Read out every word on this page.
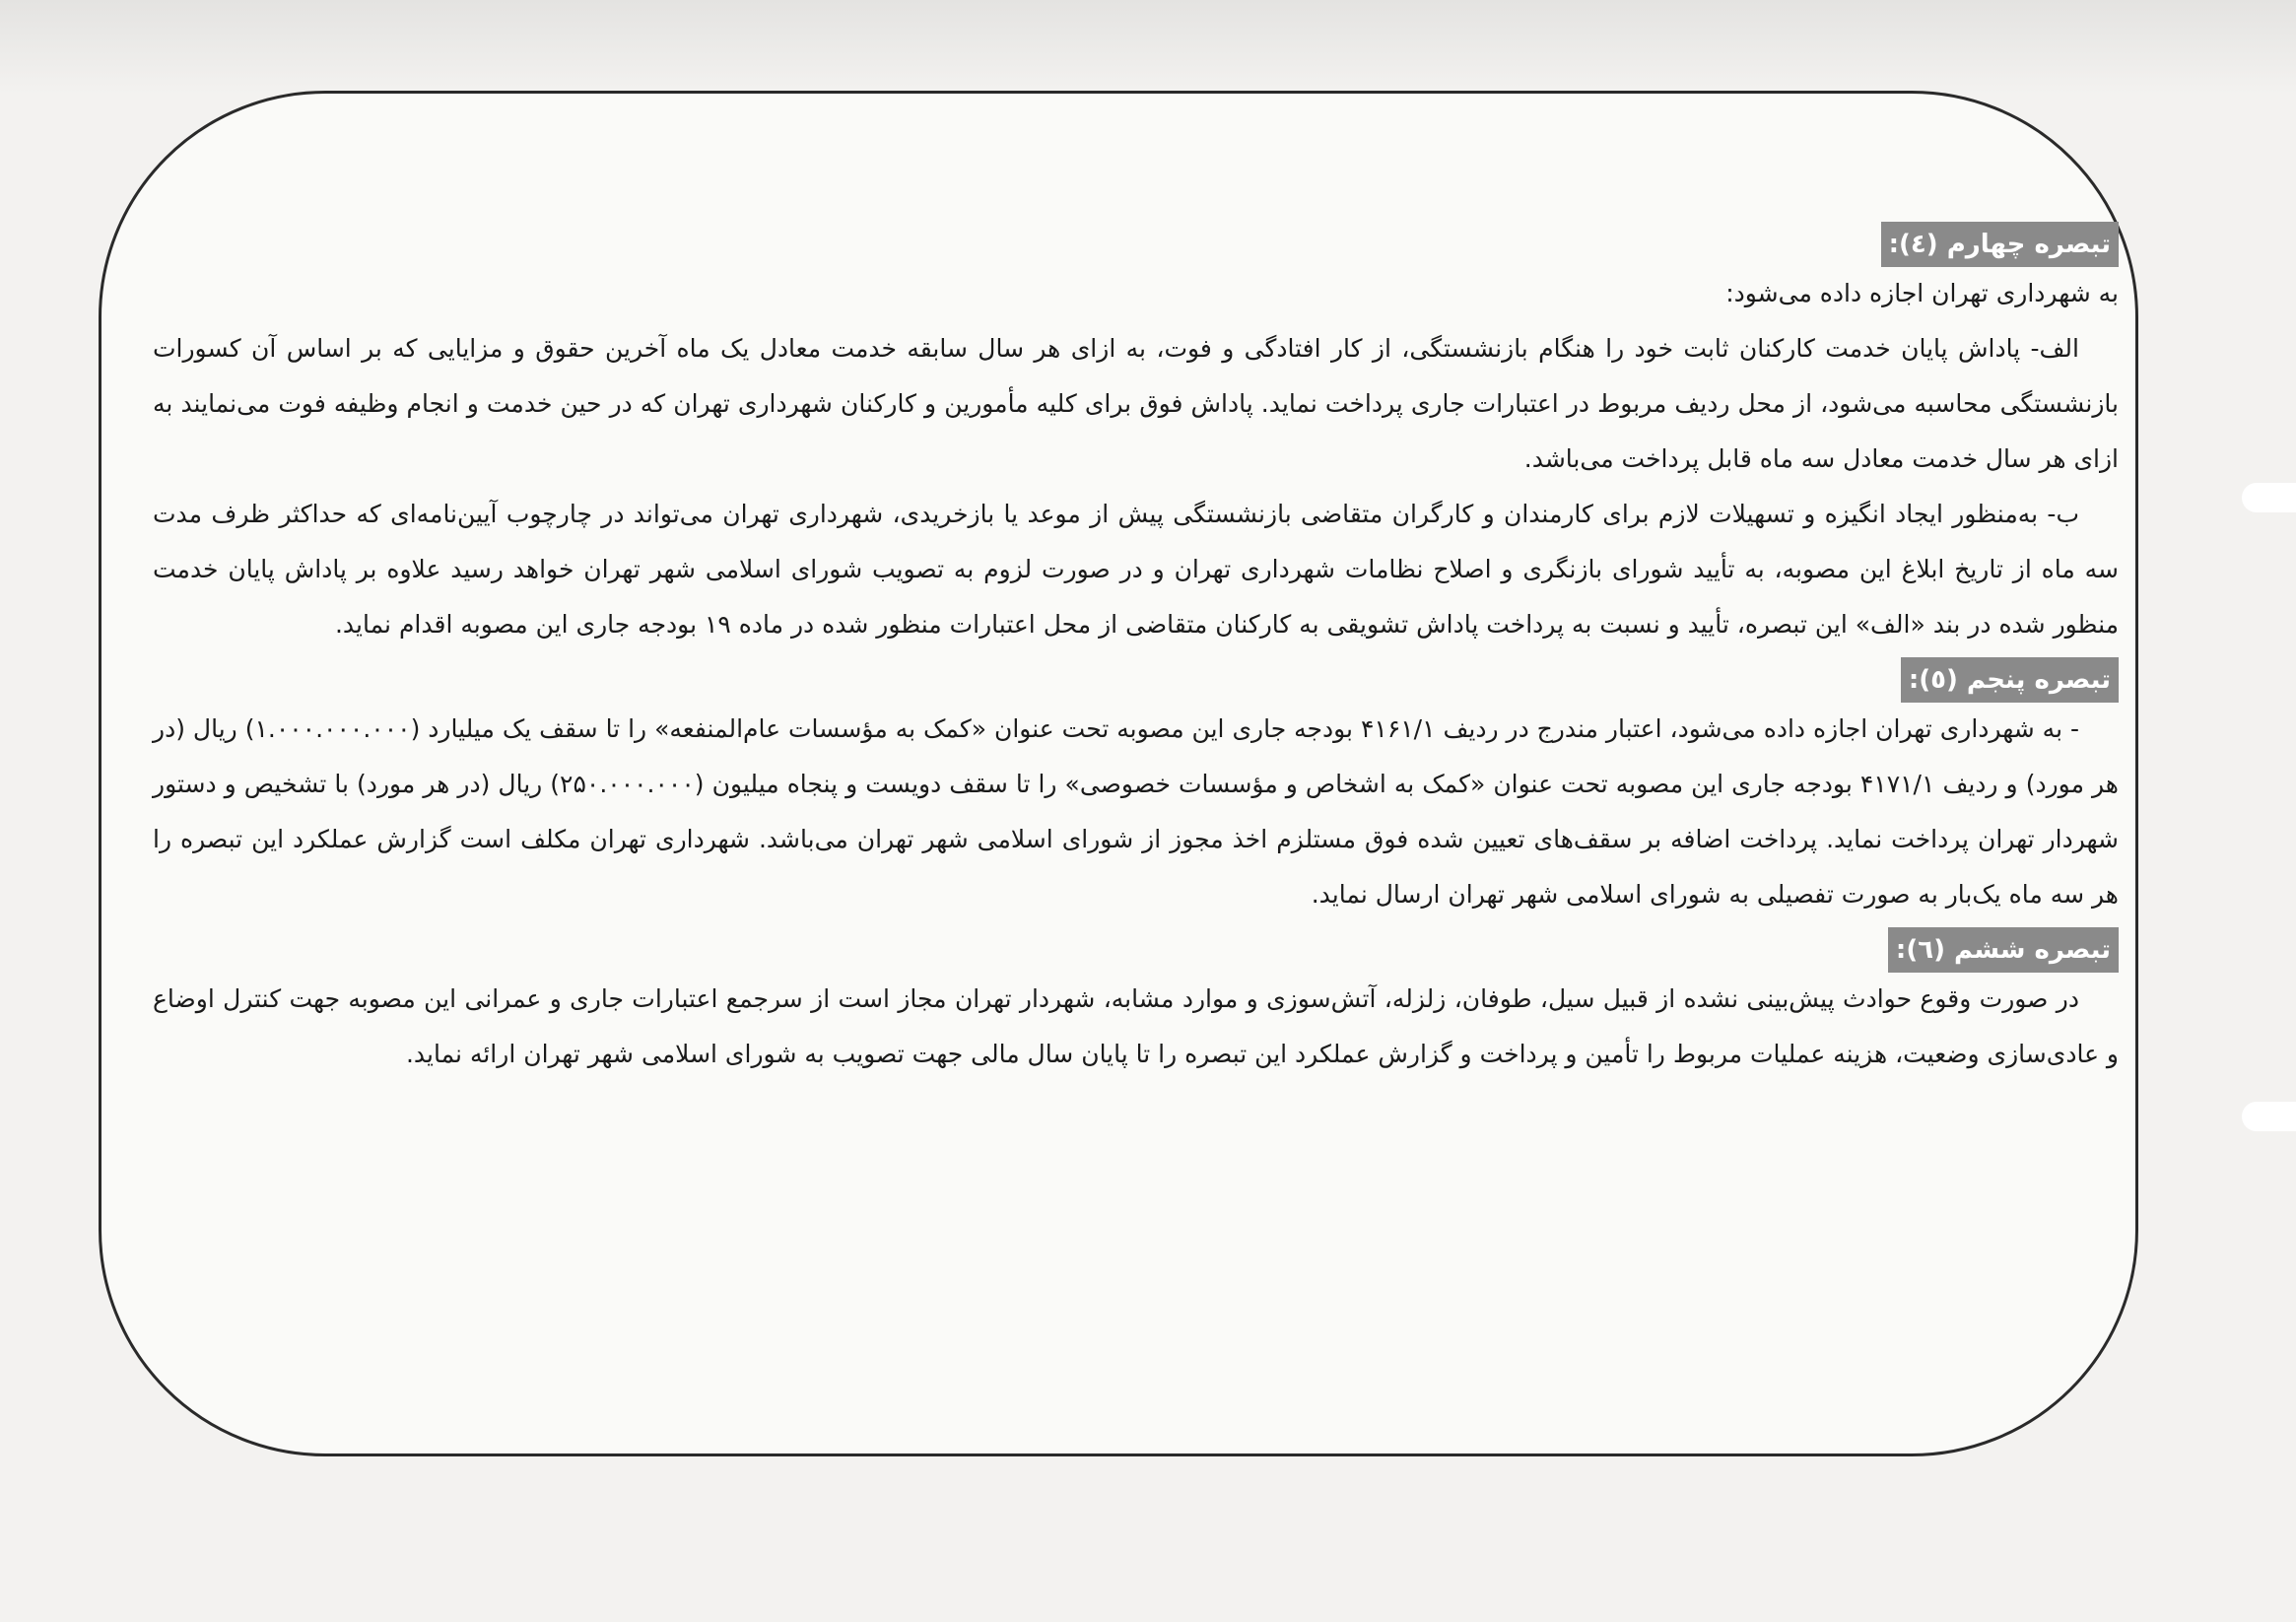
تبصره چهارم (٤):

به شهرداری تهران اجازه داده می‌شود:

الف- پاداش پایان خدمت کارکنان ثابت خود را هنگام بازنشستگی، از کار افتادگی و فوت، به ازای هر سال سابقه خدمت معادل یک ماه آخرین حقوق و مزایایی که بر اساس آن کسورات بازنشستگی محاسبه می‌شود، از محل ردیف مربوط در اعتبارات جاری پرداخت نماید. پاداش فوق برای کلیه مأمورین و کارکنان شهرداری تهران که در حین خدمت و انجام وظیفه فوت می‌نمایند به ازای هر سال خدمت معادل سه ماه قابل پرداخت می‌باشد.

ب- به‌منظور ایجاد انگیزه و تسهیلات لازم برای کارمندان و کارگران متقاضی بازنشستگی پیش از موعد یا بازخریدی، شهرداری تهران می‌تواند در چارچوب آیین‌نامه‌ای که حداکثر ظرف مدت سه ماه از تاریخ ابلاغ این مصوبه، به تأیید شورای بازنگری و اصلاح نظامات شهرداری تهران و در صورت لزوم به تصویب شورای اسلامی شهر تهران خواهد رسید علاوه بر پاداش پایان خدمت منظور شده در بند «الف» این تبصره، تأیید و نسبت به پرداخت پاداش تشویقی به کارکنان متقاضی از محل اعتبارات منظور شده در ماده ١٩ بودجه جاری این مصوبه اقدام نماید.

تبصره پنجم (٥):

- به شهرداری تهران اجازه داده می‌شود، اعتبار مندرج در ردیف ۴۱۶۱/۱ بودجه جاری این مصوبه تحت عنوان «کمک به مؤسسات عام‌المنفعه» را تا سقف یک میلیارد (۱.۰۰۰.۰۰۰.۰۰۰) ریال (در هر مورد) و ردیف ۴۱۷۱/۱ بودجه جاری این مصوبه تحت عنوان «کمک به اشخاص و مؤسسات خصوصی» را تا سقف دویست و پنجاه میلیون (۲۵۰.۰۰۰.۰۰۰) ریال (در هر مورد) با تشخیص و دستور شهردار تهران پرداخت نماید. پرداخت اضافه بر سقف‌های تعیین شده فوق مستلزم اخذ مجوز از شورای اسلامی شهر تهران می‌باشد. شهرداری تهران مکلف است گزارش عملکرد این تبصره را هر سه ماه یک‌بار به صورت تفصیلی به شورای اسلامی شهر تهران ارسال نماید.

تبصره ششم (٦):

در صورت وقوع حوادث پیش‌بینی نشده از قبیل سیل، طوفان، زلزله، آتش‌سوزی و موارد مشابه، شهردار تهران مجاز است از سرجمع اعتبارات جاری و عمرانی این مصوبه جهت کنترل اوضاع و عادی‌سازی وضعیت، هزینه عملیات مربوط را تأمین و پرداخت و گزارش عملکرد این تبصره را تا پایان سال مالی جهت تصویب به شورای اسلامی شهر تهران ارائه نماید.
